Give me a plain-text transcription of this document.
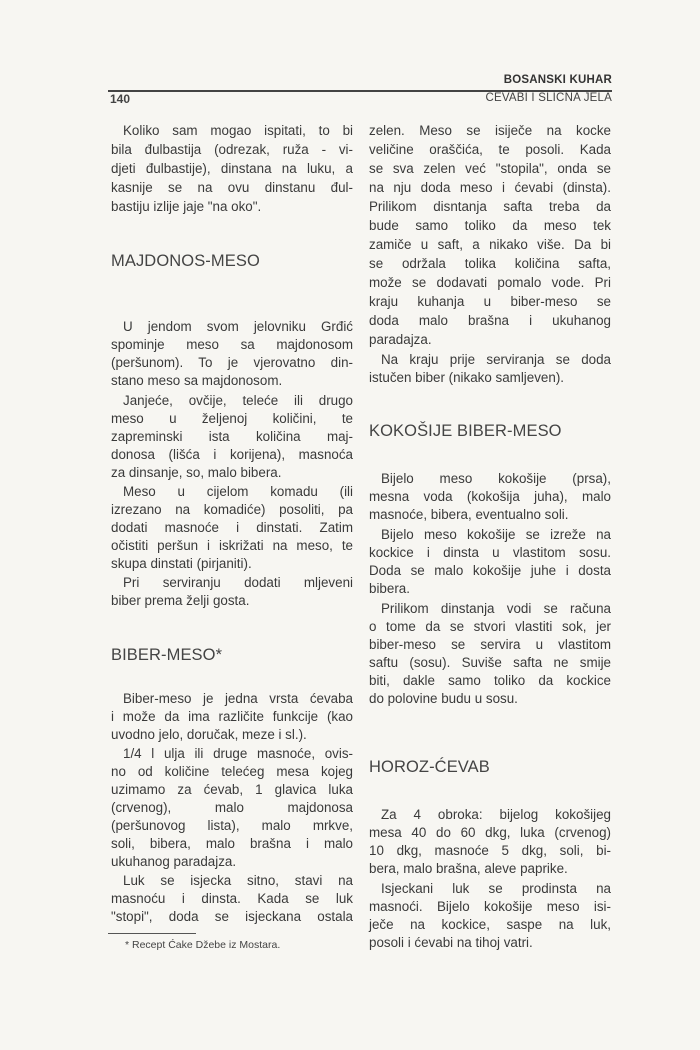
BOSANSKI KUHAR
140	ĆEVABI I SLIČNA JELA
Koliko sam mogao ispitati, to bi
bila đulbastija (odrezak, ruža - vi-
djeti đulbastije), dinstana na luku, a
kasnije se na ovu dinstanu đul-
bastiju izlije jaje "na oko".
MAJDONOS-MESO
U jendom svom jelovniku Grđić
spominje meso sa majdonosom
(peršunom). To je vjerovatno din-
stano meso sa majdonosom.
Janjeće, ovčije, teleće ili drugo
meso u željenoj količini, te
zapreminski ista količina maj-
donosa (lišća i korijena), masnoća
za dinsanje, so, malo bibera.
Meso u cijelom komadu (ili
izrezano na komadiće) posoliti, pa
dodati masnoće i dinstati. Zatim
očistiti peršun i iskrižati na meso, te
skupa dinstati (pirjaniti).
Pri serviranju dodati mljeveni
biber prema želji gosta.
BIBER-MESO*
Biber-meso je jedna vrsta ćevaba
i može da ima različite funkcije (kao
uvodno jelo, doručak, meze i sl.).
1/4 l ulja ili druge masnoće, ovis-
no od količine telećeg mesa kojeg
uzimamo za ćevab, 1 glavica luka
(crvenog), malo majdonosa
(peršunovog lista), malo mrkve,
soli, bibera, malo brašna i malo
ukuhanog paradajza.
Luk se isjecka sitno, stavi na
masnoću i dinsta. Kada se luk
"stopi", doda se isjeckana ostala
* Recept Ćake Džebe iz Mostara.
zelen. Meso se isiječe na kocke
veličine oraščića, te posoli. Kada
se sva zelen već "stopila", onda se
na nju doda meso i ćevabi (dinsta).
Prilikom disntanja safta treba da
bude samo toliko da meso tek
zamiče u saft, a nikako više. Da bi
se održala tolika količina safta,
može se dodavati pomalo vode. Pri
kraju kuhanja u biber-meso se
doda malo brašna i ukuhanog
paradajza.
Na kraju prije serviranja se doda
istučen biber (nikako samljeven).
KOKOŠIJE BIBER-MESO
Bijelo meso kokošije (prsa),
mesna voda (kokošija juha), malo
masnoće, bibera, eventualno soli.
Bijelo meso kokošije se izreže na
kockice i dinsta u vlastitom sosu.
Doda se malo kokošije juhe i dosta
bibera.
Prilikom dinstanja vodi se računa
o tome da se stvori vlastiti sok, jer
biber-meso se servira u vlastitom
saftu (sosu). Suviše safta ne smije
biti, dakle samo toliko da kockice
do polovine budu u sosu.
HOROZ-ĆEVAB
Za 4 obroka: bijelog kokošijeg
mesa 40 do 60 dkg, luka (crvenog)
10 dkg, masnoće 5 dkg, soli, bi-
bera, malo brašna, aleve paprike.
Isjeckani luk se prodinsta na
masnoći. Bijelo kokošije meso isi-
ječe na kockice, saspe na luk,
posoli i ćevabi na tihoj vatri.
